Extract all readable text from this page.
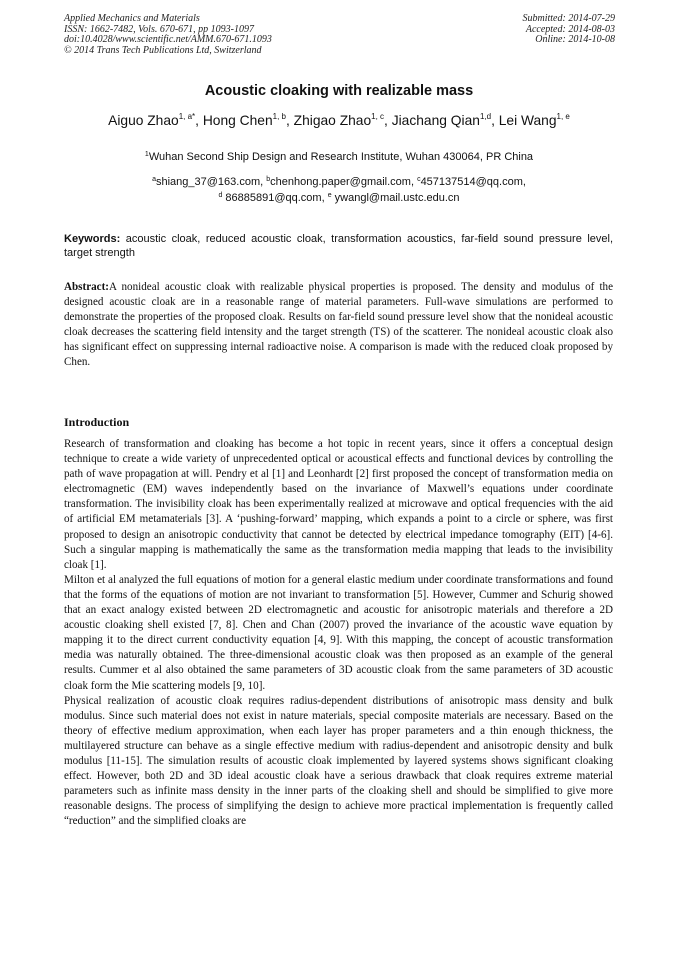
Applied Mechanics and Materials
ISSN: 1662-7482, Vols. 670-671, pp 1093-1097
doi:10.4028/www.scientific.net/AMM.670-671.1093
© 2014 Trans Tech Publications Ltd, Switzerland
Submitted: 2014-07-29
Accepted: 2014-08-03
Online: 2014-10-08
Acoustic cloaking with realizable mass
Aiguo Zhao$^{1, a*}$, Hong Chen$^{1, b}$, Zhigao Zhao$^{1, c}$, Jiachang Qian$^{1,d}$, Lei Wang$^{1, e}$
$^1$Wuhan Second Ship Design and Research Institute, Wuhan 430064, PR China
$^a$shiang_37@163.com, $^b$chenhong.paper@gmail.com, $^c$457137514@qq.com,
$^d$ 86885891@qq.com, $^e$ ywangl@mail.ustc.edu.cn
Keywords: acoustic cloak, reduced acoustic cloak, transformation acoustics, far-field sound pressure level, target strength
Abstract:A nonideal acoustic cloak with realizable physical properties is proposed. The density and modulus of the designed acoustic cloak are in a reasonable range of material parameters. Full-wave simulations are performed to demonstrate the properties of the proposed cloak. Results on far-field sound pressure level show that the nonideal acoustic cloak decreases the scattering field intensity and the target strength (TS) of the scatterer. The nonideal acoustic cloak also has significant effect on suppressing internal radioactive noise. A comparison is made with the reduced cloak proposed by Chen.
Introduction

Research of transformation and cloaking has become a hot topic in recent years, since it offers a conceptual design technique to create a wide variety of unprecedented optical or acoustical effects and functional devices by controlling the path of wave propagation at will. Pendry et al [1] and Leonhardt [2] first proposed the concept of transformation media on electromagnetic (EM) waves independently based on the invariance of Maxwell’s equations under coordinate transformation. The invisibility cloak has been experimentally realized at microwave and optical frequencies with the aid of artificial EM metamaterials [3]. A ‘pushing-forward’ mapping, which expands a point to a circle or sphere, was first proposed to design an anisotropic conductivity that cannot be detected by electrical impedance tomography (EIT) [4-6]. Such a singular mapping is mathematically the same as the transformation media mapping that leads to the invisibility cloak [1].

Milton et al analyzed the full equations of motion for a general elastic medium under coordinate transformations and found that the forms of the equations of motion are not invariant to transformation [5]. However, Cummer and Schurig showed that an exact analogy existed between 2D electromagnetic and acoustic for anisotropic materials and therefore a 2D acoustic cloaking shell existed [7, 8]. Chen and Chan (2007) proved the invariance of the acoustic wave equation by mapping it to the direct current conductivity equation [4, 9]. With this mapping, the concept of acoustic transformation media was naturally obtained. The three-dimensional acoustic cloak was then proposed as an example of the general results. Cummer et al also obtained the same parameters of 3D acoustic cloak from the same parameters of 3D acoustic cloak form the Mie scattering models [9, 10].

Physical realization of acoustic cloak requires radius-dependent distributions of anisotropic mass density and bulk modulus. Since such material does not exist in nature materials, special composite materials are necessary. Based on the theory of effective medium approximation, when each layer has proper parameters and a thin enough thickness, the multilayered structure can behave as a single effective medium with radius-dependent and anisotropic density and bulk modulus [11-15]. The simulation results of acoustic cloak implemented by layered systems shows significant cloaking effect. However, both 2D and 3D ideal acoustic cloak have a serious drawback that cloak requires extreme material parameters such as infinite mass density in the inner parts of the cloaking shell and should be simplified to give more reasonable designs. The process of simplifying the design to achieve more practical implementation is frequently called “reduction” and the simplified cloaks are
